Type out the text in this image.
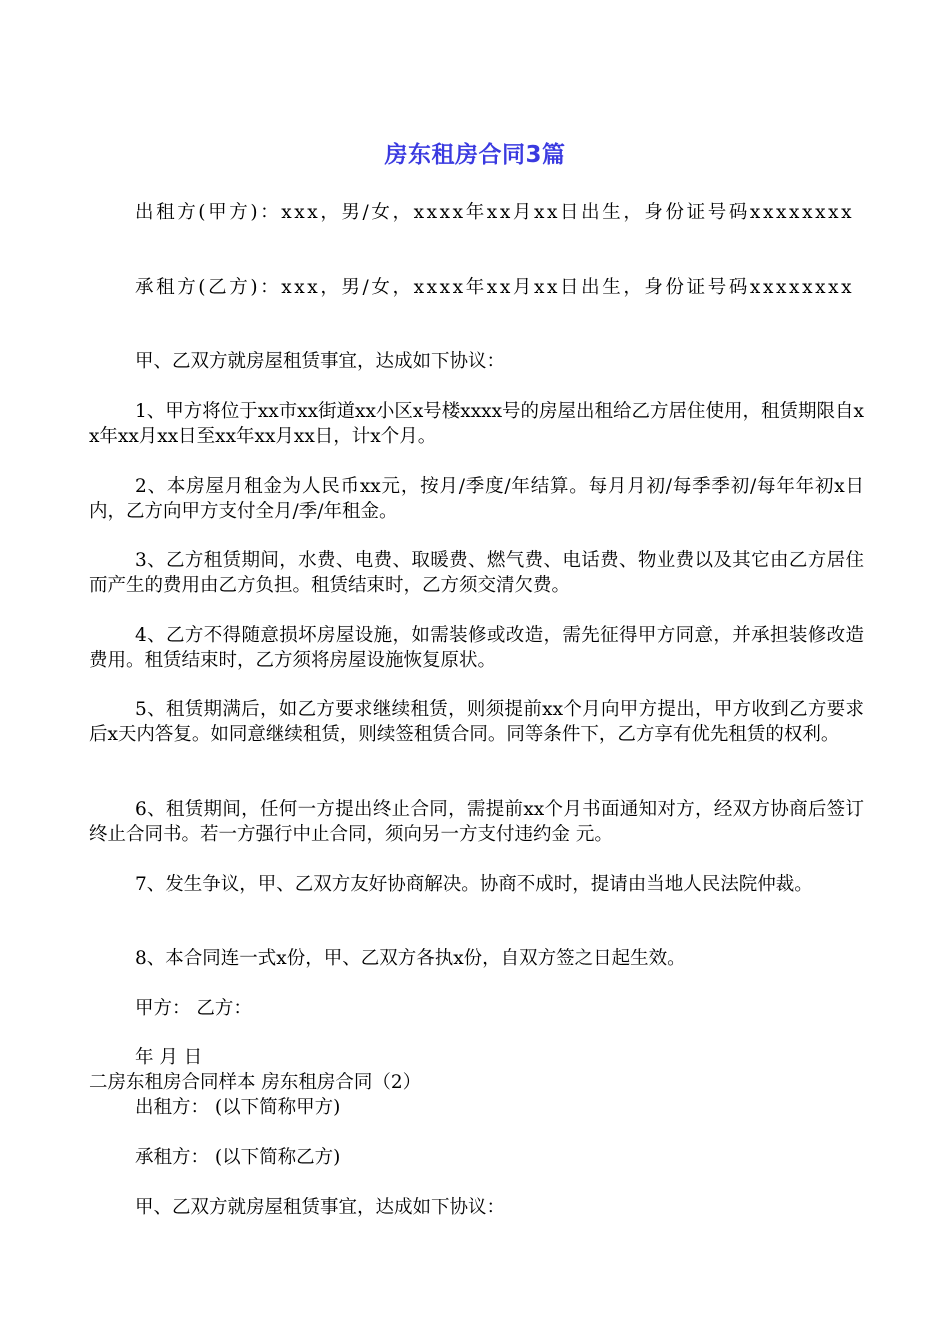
房东租房合同3篇
出租方(甲方)：xxx，男/女，xxxx年xx月xx日出生，身份证号码xxxxxxxx
承租方(乙方)：xxx，男/女，xxxx年xx月xx日出生，身份证号码xxxxxxxx
甲、乙双方就房屋租赁事宜，达成如下协议：
1、甲方将位于xx市xx街道xx小区x号楼xxxx号的房屋出租给乙方居住使用，租赁期限自xx年xx月xx日至xx年xx月xx日，计x个月。
2、本房屋月租金为人民币xx元，按月/季度/年结算。每月月初/每季季初/每年年初x日内，乙方向甲方支付全月/季/年租金。
3、乙方租赁期间，水费、电费、取暖费、燃气费、电话费、物业费以及其它由乙方居住而产生的费用由乙方负担。租赁结束时，乙方须交清欠费。
4、乙方不得随意损坏房屋设施，如需装修或改造，需先征得甲方同意，并承担装修改造费用。租赁结束时，乙方须将房屋设施恢复原状。
5、租赁期满后，如乙方要求继续租赁，则须提前xx个月向甲方提出，甲方收到乙方要求后x天内答复。如同意继续租赁，则续签租赁合同。同等条件下，乙方享有优先租赁的权利。
6、租赁期间，任何一方提出终止合同，需提前xx个月书面通知对方，经双方协商后签订终止合同书。若一方强行中止合同，须向另一方支付违约金 元。
7、发生争议，甲、乙双方友好协商解决。协商不成时，提请由当地人民法院仲裁。
8、本合同连一式x份，甲、乙双方各执x份，自双方签之日起生效。
甲方： 乙方：
年 月 日
二房东租房合同样本 房东租房合同（2）
出租方： (以下简称甲方)
承租方： (以下简称乙方)
甲、乙双方就房屋租赁事宜，达成如下协议：
